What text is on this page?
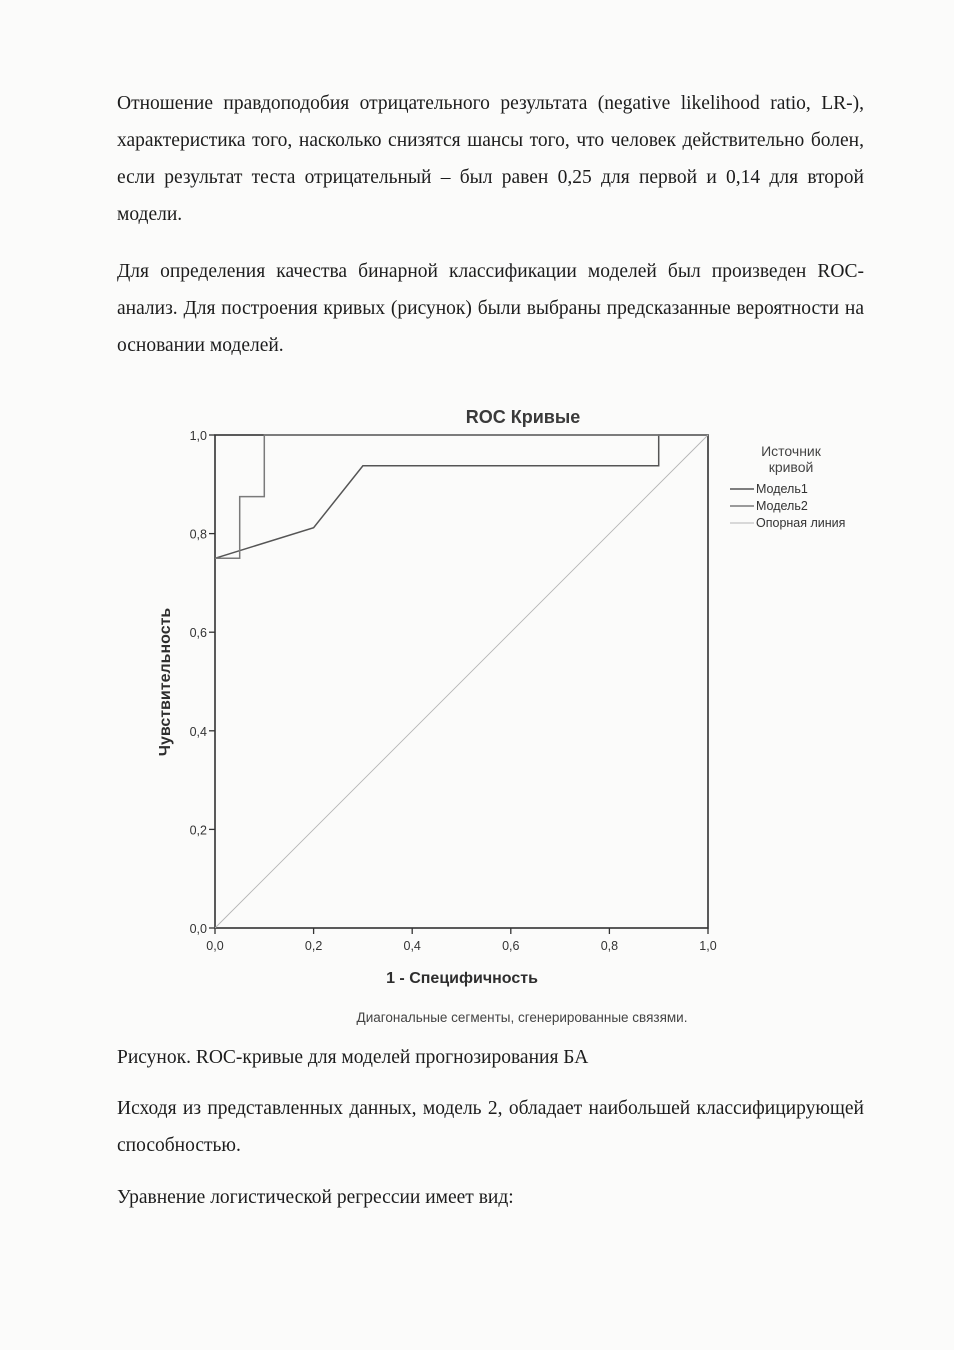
Отношение правдоподобия отрицательного результата (negative likelihood ratio, LR-), характеристика того, насколько снизятся шансы того, что человек действительно болен, если результат теста отрицательный – был равен 0,25 для первой и 0,14 для второй модели.

Для определения качества бинарной классификации моделей был произведен ROC-анализ. Для построения кривых (рисунок) были выбраны предсказанные вероятности на основании моделей.

ROC Кривые
0,0
0,2
0,4
0,6
0,8
1,0
0,0	0,2	0,4	0,6	0,8	1,0
Чувствительность
1 - Специфичность
Источник
кривой
Модель1
Модель2
Опорная линия
Диагональные сегменты, сгенерированные связями.

Рисунок. ROC-кривые для моделей прогнозирования БА

Исходя из представленных данных, модель 2, обладает наибольшей классифицирующей способностью.

Уравнение логистической регрессии имеет вид:
